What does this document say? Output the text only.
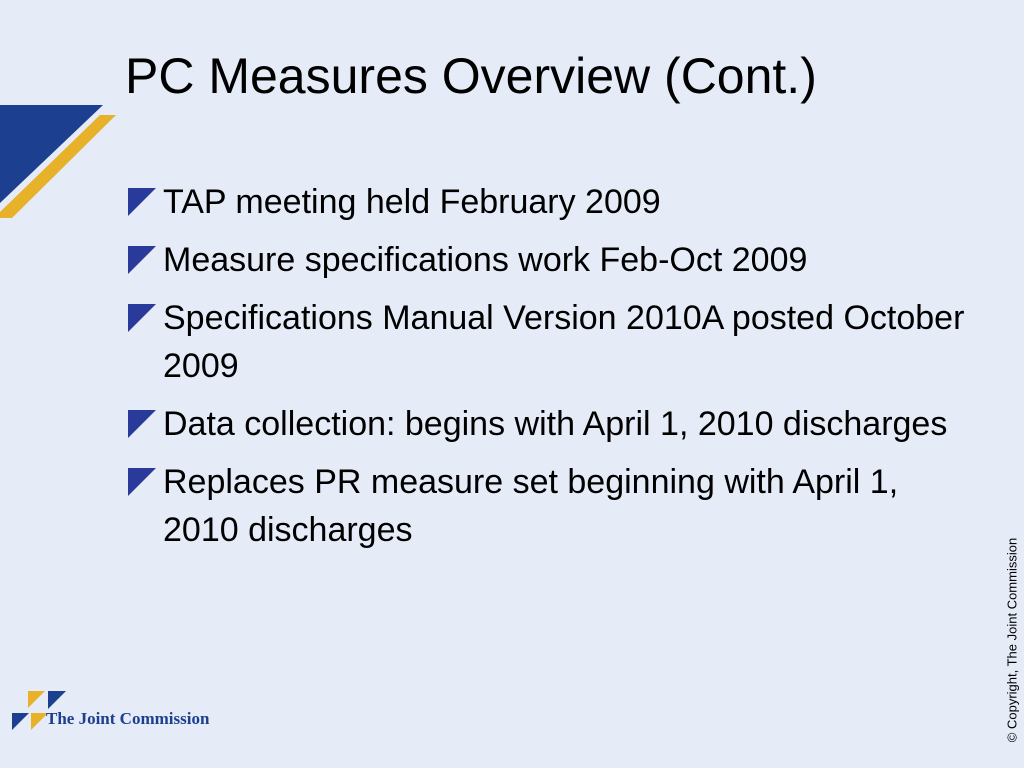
PC Measures Overview (Cont.)
TAP meeting held February 2009
Measure specifications work Feb-Oct 2009
Specifications Manual Version 2010A posted October 2009
Data collection: begins with April 1, 2010 discharges
Replaces PR measure set beginning with April 1, 2010 discharges
The Joint Commission	© Copyright, The Joint Commission
